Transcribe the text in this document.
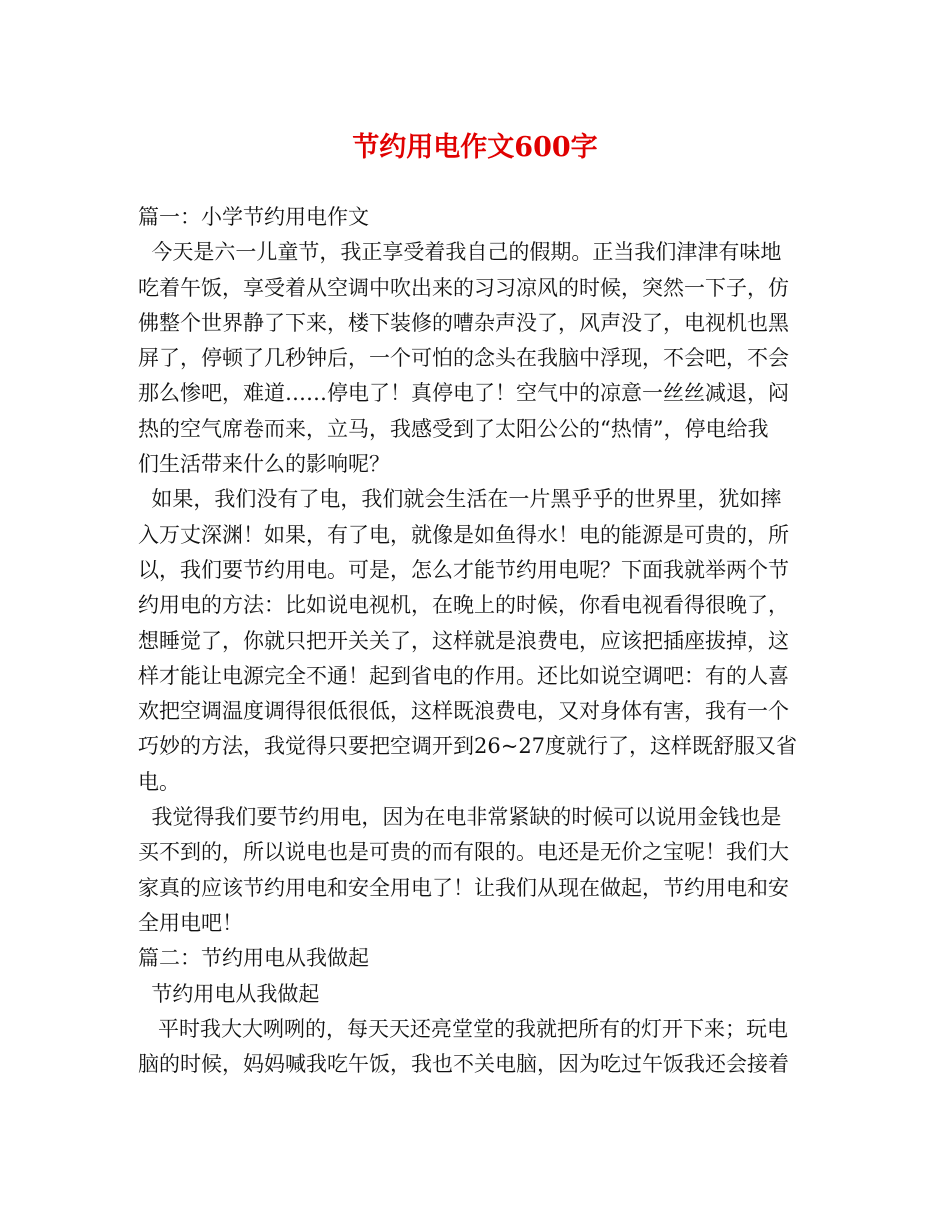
节约用电作文600字
篇一：小学节约用电作文
今天是六一儿童节，我正享受着我自己的假期。正当我们津津有味地
吃着午饭，享受着从空调中吹出来的习习凉风的时候，突然一下子，仿
佛整个世界静了下来，楼下装修的嘈杂声没了，风声没了，电视机也黑
屏了，停顿了几秒钟后，一个可怕的念头在我脑中浮现，不会吧，不会
那么惨吧，难道……停电了！真停电了！空气中的凉意一丝丝减退，闷
热的空气席卷而来，立马，我感受到了太阳公公的“热情”，停电给我
们生活带来什么的影响呢？
如果，我们没有了电，我们就会生活在一片黑乎乎的世界里，犹如摔
入万丈深渊！如果，有了电，就像是如鱼得水！电的能源是可贵的，所
以，我们要节约用电。可是，怎么才能节约用电呢？下面我就举两个节
约用电的方法：比如说电视机，在晚上的时候，你看电视看得很晚了，
想睡觉了，你就只把开关关了，这样就是浪费电，应该把插座拔掉，这
样才能让电源完全不通！起到省电的作用。还比如说空调吧：有的人喜
欢把空调温度调得很低很低，这样既浪费电，又对身体有害，我有一个
巧妙的方法，我觉得只要把空调开到26~27度就行了，这样既舒服又省
电。
我觉得我们要节约用电，因为在电非常紧缺的时候可以说用金钱也是
买不到的，所以说电也是可贵的而有限的。电还是无价之宝呢！我们大
家真的应该节约用电和安全用电了！让我们从现在做起，节约用电和安
全用电吧！
篇二：节约用电从我做起
节约用电从我做起
平时我大大咧咧的，每天天还亮堂堂的我就把所有的灯开下来；玩电
脑的时候，妈妈喊我吃午饭，我也不关电脑，因为吃过午饭我还会接着
